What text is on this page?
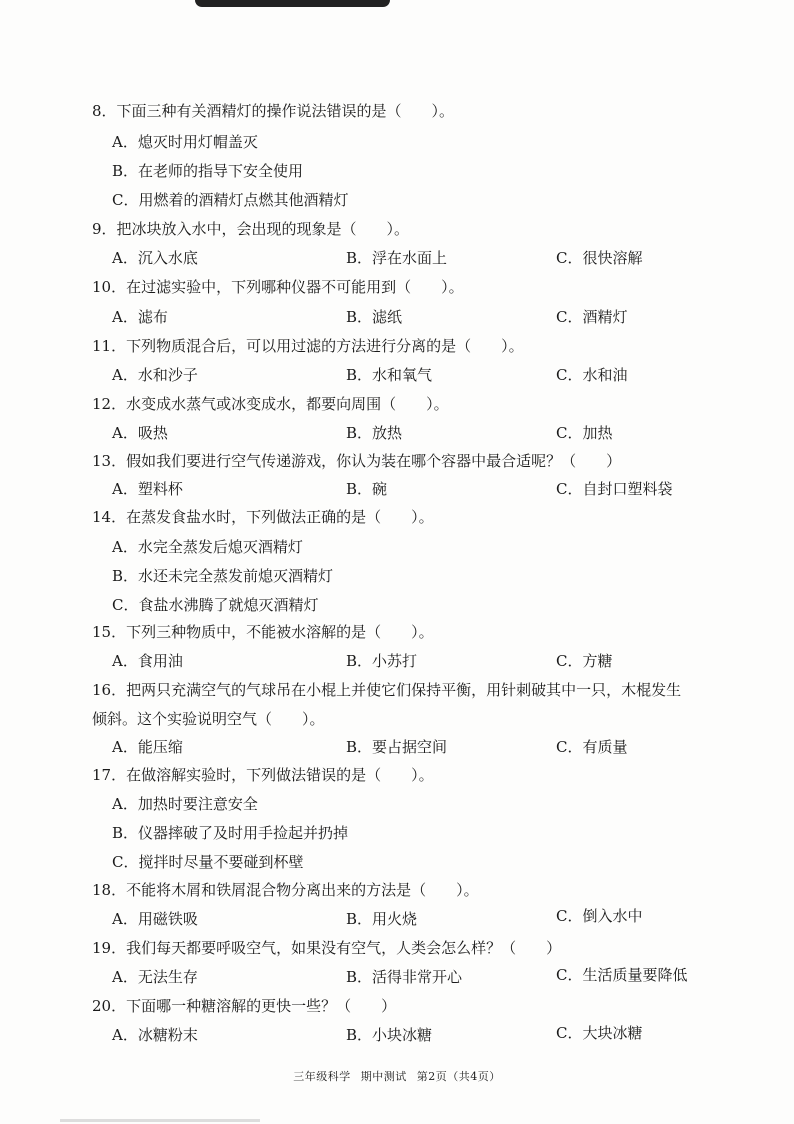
8．下面三种有关酒精灯的操作说法错误的是（　　）。
A．熄灭时用灯帽盖灭
B．在老师的指导下安全使用
C．用燃着的酒精灯点燃其他酒精灯
9．把冰块放入水中，会出现的现象是（　　）。
A．沉入水底	B．浮在水面上	C．很快溶解
10．在过滤实验中，下列哪种仪器不可能用到（　　）。
A．滤布	B．滤纸	C．酒精灯
11．下列物质混合后，可以用过滤的方法进行分离的是（　　）。
A．水和沙子	B．水和氧气	C．水和油
12．水变成水蒸气或冰变成水，都要向周围（　　）。
A．吸热	B．放热	C．加热
13．假如我们要进行空气传递游戏，你认为装在哪个容器中最合适呢？（　　）
A．塑料杯	B．碗	C．自封口塑料袋
14．在蒸发食盐水时，下列做法正确的是（　　）。
A．水完全蒸发后熄灭酒精灯
B．水还未完全蒸发前熄灭酒精灯
C．食盐水沸腾了就熄灭酒精灯
15．下列三种物质中，不能被水溶解的是（　　）。
A．食用油	B．小苏打	C．方糖
16．把两只充满空气的气球吊在小棍上并使它们保持平衡，用针刺破其中一只，木棍发生倾斜。这个实验说明空气（　　）。
A．能压缩	B．要占据空间	C．有质量
17．在做溶解实验时，下列做法错误的是（　　）。
A．加热时要注意安全
B．仪器摔破了及时用手捡起并扔掉
C．搅拌时尽量不要碰到杯壁
18．不能将木屑和铁屑混合物分离出来的方法是（　　）。
A．用磁铁吸	B．用火烧	C．倒入水中
19．我们每天都要呼吸空气，如果没有空气，人类会怎么样？（　　）
A．无法生存	B．活得非常开心	C．生活质量要降低
20．下面哪一种糖溶解的更快一些？（　　）
A．冰糖粉末	B．小块冰糖	C．大块冰糖
三年级科学 期中测试 第2页（共4页）
